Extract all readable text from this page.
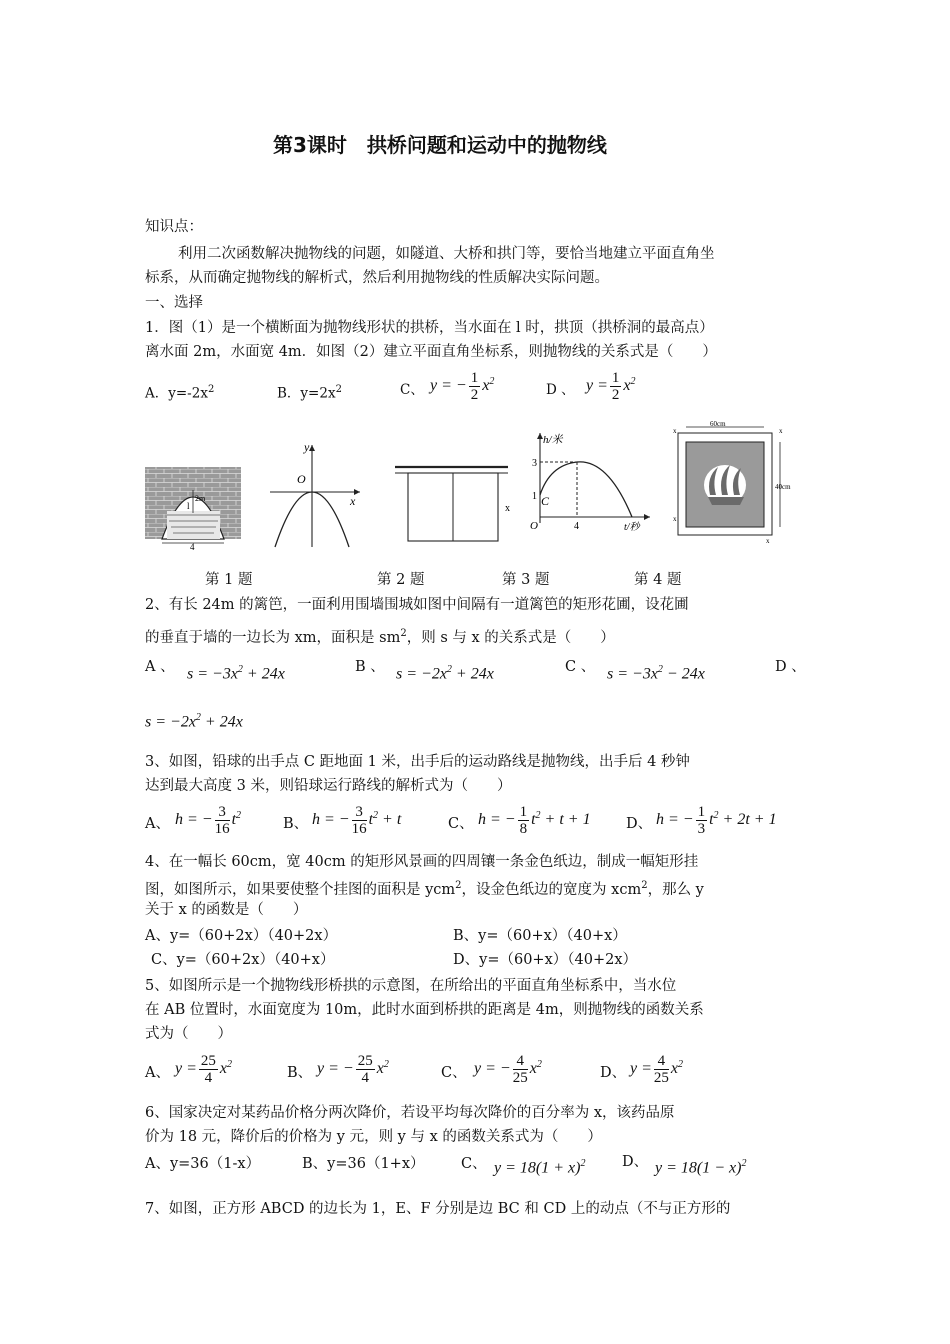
第3课时　拱桥问题和运动中的抛物线
知识点：
利用二次函数解决抛物线的问题，如隧道、大桥和拱门等，要恰当地建立平面直角坐
标系，从而确定抛物线的解析式，然后利用抛物线的性质解决实际问题。
一、选择
1．图（1）是一个横断面为抛物线形状的拱桥，当水面在 l 时，拱顶（拱桥洞的最高点）
离水面 2m，水面宽 4m．如图（2）建立平面直角坐标系，则抛物线的关系式是（　　）
A．$y=-2x^2$	B．$y=2x^2$	C、 y = − $\frac{1}{2} x^2$
D 、 $y = \frac{1}{2} x^2$
l
2m
4
y
O
x
x
h/米
3
1 C
O	4	t/秒
60cm
40cm
x	x
x
x
第 1 题	第 2 题	第 3 题	第 4 题
2、有长 24m 的篱笆，一面利用围墙围城如图中间隔有一道篱笆的矩形花圃，设花圃
的垂直于墙的一边长为 xm，面积是 $sm^2$，则 s 与 x 的关系式是（　　）
A 、 $s = -3x^2 + 24x$	B 、 $s = -2x^2 + 24x$	C 、 $s = -3x^2 - 24x$	D 、
$s = -2x^2 + 24x$
3、如图，铅球的出手点 C 距地面 1 米，出手后的运动路线是抛物线，出手后 4 秒钟
达到最大高度 3 米，则铅球运行路线的解析式为（　　）
A、 h = − $\frac{3}{16} t^2$
B、 h = − $\frac{3}{16} t^2 + t$	C、 h = − $\frac{1}{8} t^2 + t + 1$ D、 h = − $\frac{1}{3} t^2 + 2t + 1$
4、在一幅长 60cm，宽 40cm 的矩形风景画的四周镶一条金色纸边，制成一幅矩形挂
图，如图所示，如果要使整个挂图的面积是 ycm$^2$，设金色纸边的宽度为 xcm$^2$，那么 y
关于 x 的函数是（　　）
A、y=（60+2x）（40+2x）	B、y=（60+x）（40+x）
C、y=（60+2x）（40+x）	D、y=（60+x）（40+2x）
5、如图所示是一个抛物线形桥拱的示意图，在所给出的平面直角坐标系中，当水位
在 AB 位置时，水面宽度为 10m，此时水面到桥拱的距离是 4m，则抛物线的函数关系
式为（　　）
A、 $y = \frac{25}{4} x^2$
B、 y = − $\frac{25}{4} x^2$
C、 y = − $\frac{4}{25} x^2$
D、 $y = \frac{4}{25} x^2$
6、国家决定对某药品价格分两次降价，若设平均每次降价的百分率为 x，该药品原
价为 18 元，降价后的价格为 y 元，则 y 与 x 的函数关系式为（　　）
A、y=36（1-x）	B、y=36（1+x）	C、 $y = 18(1 + x)^2$	D、 $y = 18(1 - x)^2$
7、如图，正方形 ABCD 的边长为 1，E、F 分别是边 BC 和 CD 上的动点（不与正方形的
